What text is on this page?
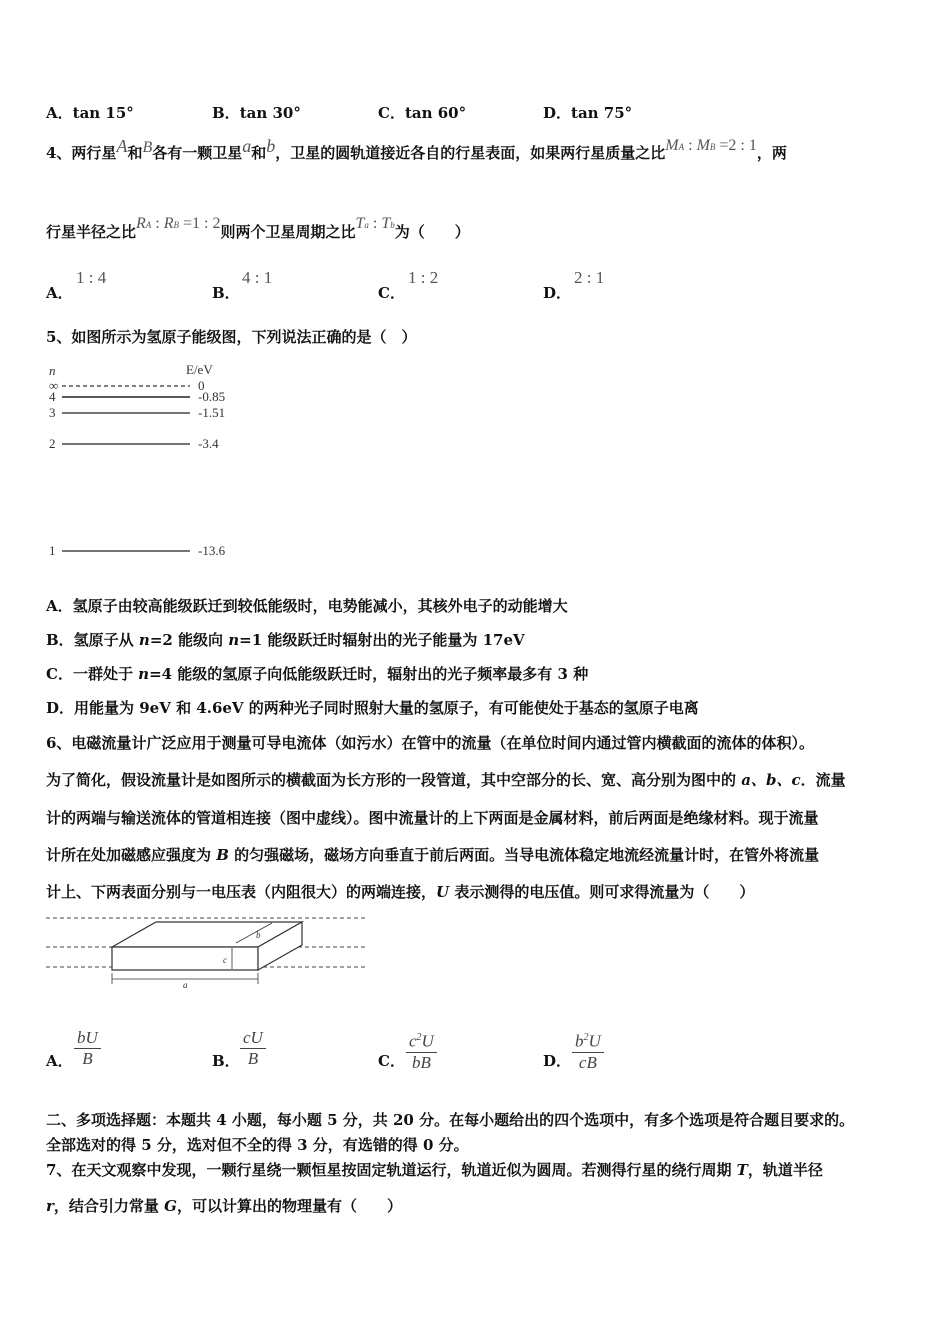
A．tan 15°	B．tan 30°	C．tan 60°	D．tan 75°
4、两行星A和B各有一颗卫星a和b，卫星的圆轨道接近各自的行星表面，如果两行星质量之比MA : MB =2 : 1，两
行星半径之比RA : RB =1 : 2则两个卫星周期之比Ta : Tb为（　　）
A．
1 : 4
B．
4 : 1
C．
1 : 2
D．
2 : 1
5、如图所示为氢原子能级图，下列说法正确的是（　）
n	E/eV
∞	0
4	-0.85
3	-1.51
2	-3.4
1	-13.6
A．氢原子由较高能级跃迁到较低能级时，电势能减小，其核外电子的动能增大
B．氢原子从 n=2 能级向 n=1 能级跃迁时辐射出的光子能量为 17eV
C．一群处于 n=4 能级的氢原子向低能级跃迁时，辐射出的光子频率最多有 3 种
D．用能量为 9eV 和 4.6eV 的两种光子同时照射大量的氢原子，有可能使处于基态的氢原子电离
6、电磁流量计广泛应用于测量可导电流体（如污水）在管中的流量（在单位时间内通过管内横截面的流体的体积）。
为了简化，假设流量计是如图所示的横截面为长方形的一段管道，其中空部分的长、宽、高分别为图中的 a、b、c．流量
计的两端与输送流体的管道相连接（图中虚线）。图中流量计的上下两面是金属材料，前后两面是绝缘材料。现于流量
计所在处加磁感应强度为 B 的匀强磁场，磁场方向垂直于前后两面。当导电流体稳定地流经流量计时，在管外将流量
计上、下两表面分别与一电压表（内阻很大）的两端连接，U 表示测得的电压值。则可求得流量为（　　）
b
c
a
A． $\frac{bU}{B}$	B． $\frac{cU}{B}$	C． $\frac{c^2U}{bB}$	D． $\frac{b^2U}{cB}$
二、多项选择题：本题共 4 小题，每小题 5 分，共 20 分。在每小题给出的四个选项中，有多个选项是符合题目要求的。
全部选对的得 5 分，选对但不全的得 3 分，有选错的得 0 分。
7、在天文观察中发现，一颗行星绕一颗恒星按固定轨道运行，轨道近似为圆周。若测得行星的绕行周期 T，轨道半径
r，结合引力常量 G，可以计算出的物理量有（　　）
